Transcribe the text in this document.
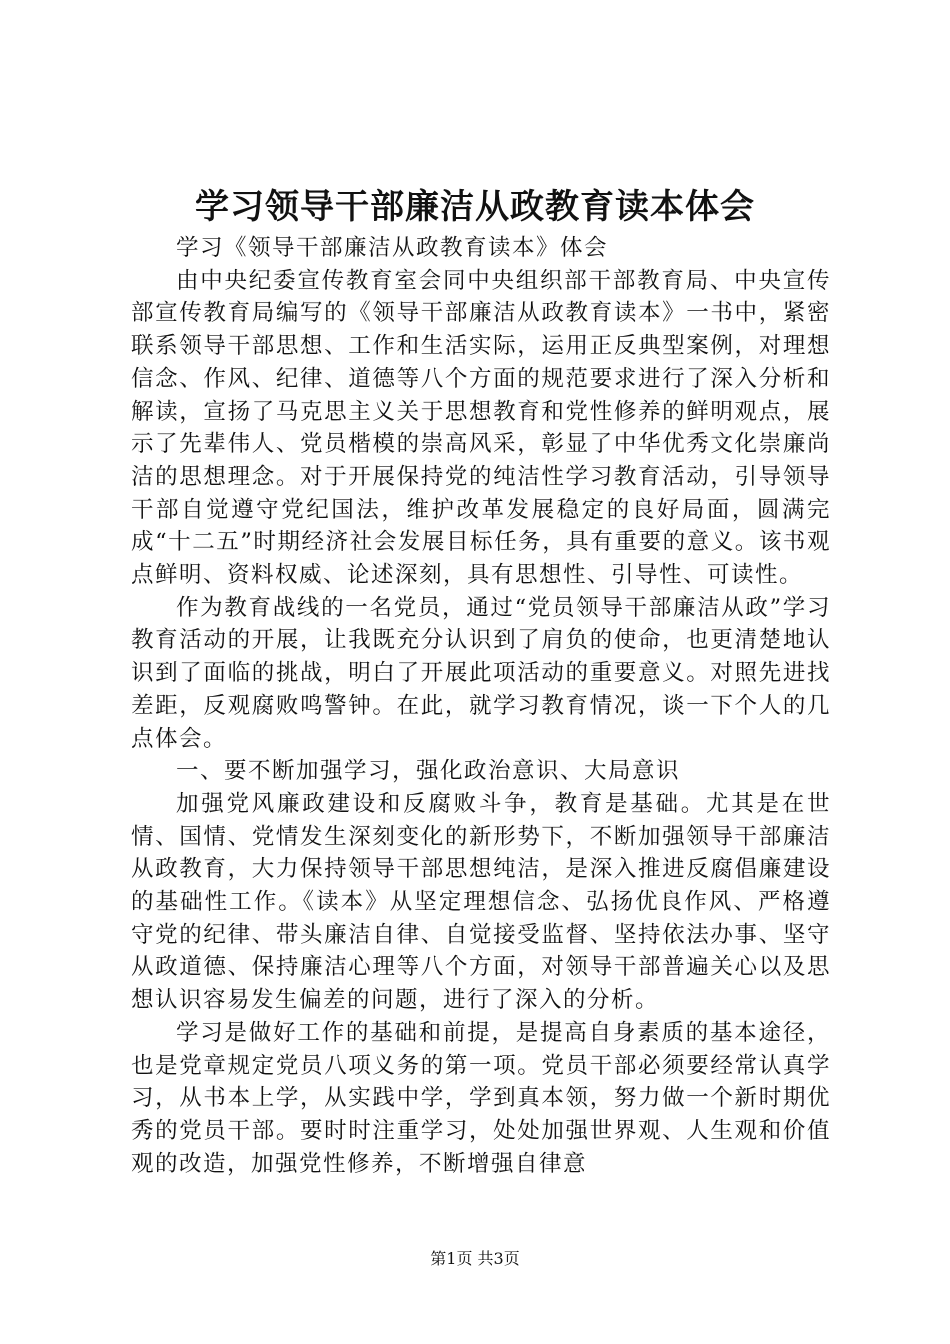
学习领导干部廉洁从政教育读本体会

学习《领导干部廉洁从政教育读本》体会

由中央纪委宣传教育室会同中央组织部干部教育局、中央宣传部宣传教育局编写的《领导干部廉洁从政教育读本》一书中，紧密联系领导干部思想、工作和生活实际，运用正反典型案例，对理想信念、作风、纪律、道德等八个方面的规范要求进行了深入分析和解读，宣扬了马克思主义关于思想教育和党性修养的鲜明观点，展示了先辈伟人、党员楷模的崇高风采，彰显了中华优秀文化崇廉尚洁的思想理念。对于开展保持党的纯洁性学习教育活动，引导领导干部自觉遵守党纪国法，维护改革发展稳定的良好局面，圆满完成“十二五”时期经济社会发展目标任务，具有重要的意义。该书观点鲜明、资料权威、论述深刻，具有思想性、引导性、可读性。

作为教育战线的一名党员，通过“党员领导干部廉洁从政”学习教育活动的开展，让我既充分认识到了肩负的使命，也更清楚地认识到了面临的挑战，明白了开展此项活动的重要意义。对照先进找差距，反观腐败鸣警钟。在此，就学习教育情况，谈一下个人的几点体会。

一、要不断加强学习，强化政治意识、大局意识

加强党风廉政建设和反腐败斗争，教育是基础。尤其是在世情、国情、党情发生深刻变化的新形势下，不断加强领导干部廉洁从政教育，大力保持领导干部思想纯洁，是深入推进反腐倡廉建设的基础性工作。《读本》从坚定理想信念、弘扬优良作风、严格遵守党的纪律、带头廉洁自律、自觉接受监督、坚持依法办事、坚守从政道德、保持廉洁心理等八个方面，对领导干部普遍关心以及思想认识容易发生偏差的问题，进行了深入的分析。

学习是做好工作的基础和前提，是提高自身素质的基本途径，也是党章规定党员八项义务的第一项。党员干部必须要经常认真学习，从书本上学，从实践中学，学到真本领，努力做一个新时期优秀的党员干部。要时时注重学习，处处加强世界观、人生观和价值观的改造，加强党性修养，不断增强自律意

第1页 共3页
